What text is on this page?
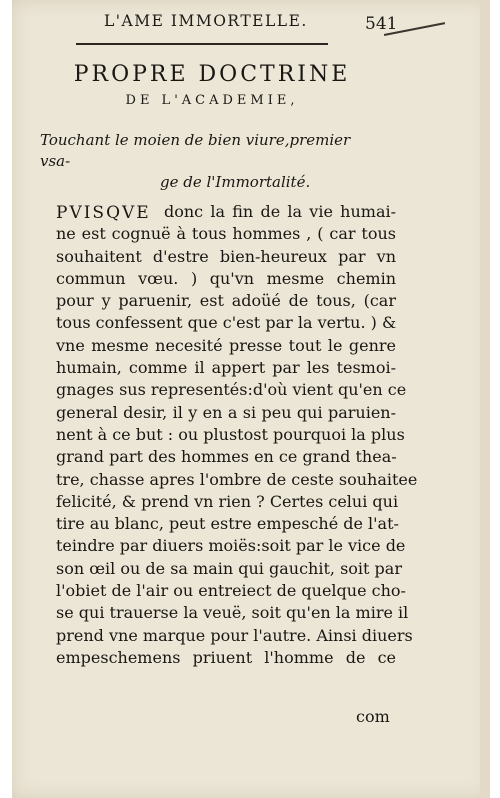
L'AME IMMORTELLE.	541
PROPRE DOCTRINE
DE L'ACADEMIE,
Touchant le moien de bien viure,premier vsa-
ge de l'Immortalité.
PVISQVE donc la fin de la vie humai-
ne est cognuë à tous hommes , ( car tous
souhaitent d'estre bien-heureux par vn
commun vœu. ) qu'vn mesme chemin
pour y paruenir, est adoüé de tous, (car
tous confessent que c'est par la vertu. ) &
vne mesme necesité presse tout le genre
humain, comme il appert par les tesmoi-
gnages sus representés:d'où vient qu'en ce
general desir, il y en a si peu qui paruien-
nent à ce but : ou plustost pourquoi la plus
grand part des hommes en ce grand thea-
tre, chasse apres l'ombre de ceste souhaitee
felicité, & prend vn rien ? Certes celui qui
tire au blanc, peut estre empesché de l'at-
teindre par diuers moiës:soit par le vice de
son œil ou de sa main qui gauchit, soit par
l'obiet de l'air ou entreiect de quelque cho-
se qui trauerse la veuë, soit qu'en la mire il
prend vne marque pour l'autre. Ainsi diuers
empeschemens priuent l'homme de ce
com
